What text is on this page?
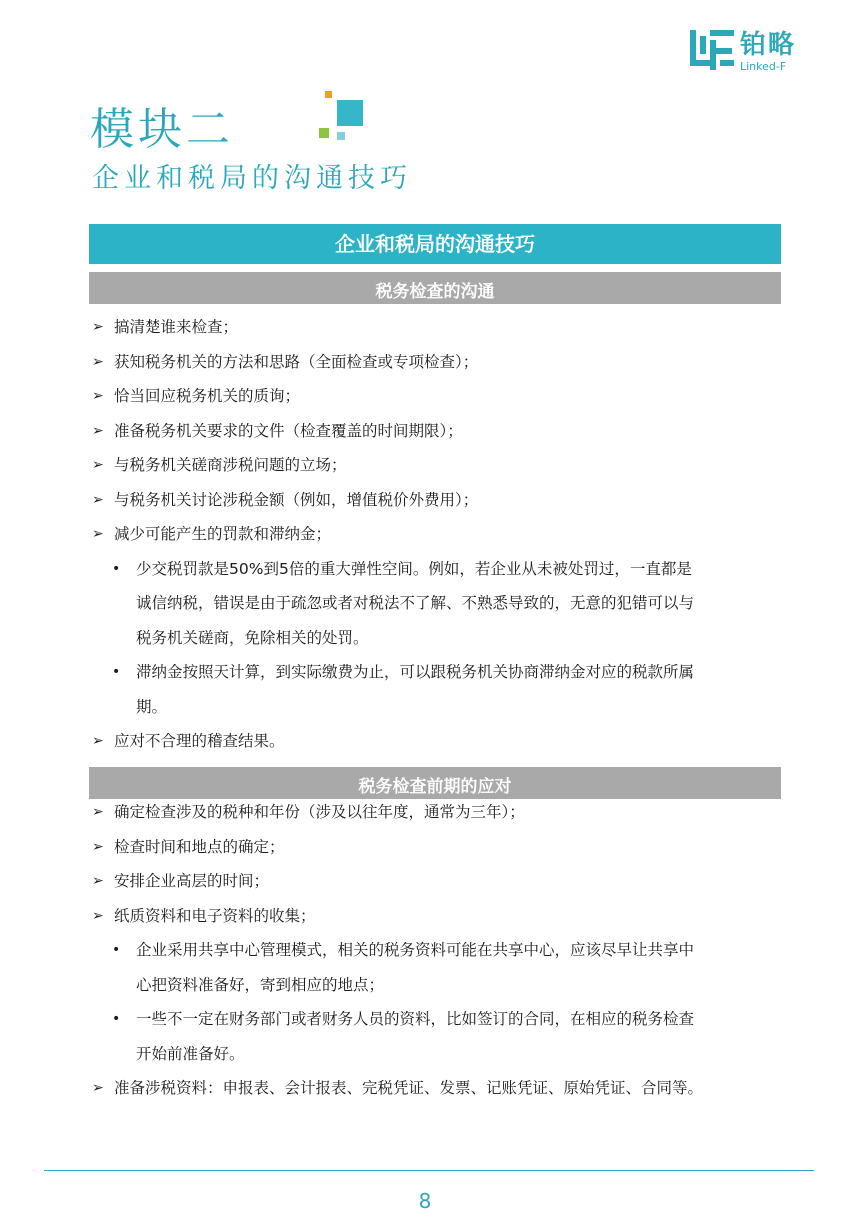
铂略
Linked-F
模块二
企业和税局的沟通技巧
企业和税局的沟通技巧
税务检查的沟通
➢ 搞清楚谁来检查；
➢ 获知税务机关的方法和思路（全面检查或专项检查）；
➢ 恰当回应税务机关的质询；
➢ 准备税务机关要求的文件（检查覆盖的时间期限）；
➢ 与税务机关磋商涉税问题的立场；
➢ 与税务机关讨论涉税金额（例如，增值税价外费用）；
➢ 减少可能产生的罚款和滞纳金；
• 少交税罚款是50%到5倍的重大弹性空间。例如，若企业从未被处罚过，一直都是
诚信纳税，错误是由于疏忽或者对税法不了解、不熟悉导致的，无意的犯错可以与
税务机关磋商，免除相关的处罚。
• 滞纳金按照天计算，到实际缴费为止，可以跟税务机关协商滞纳金对应的税款所属
期。
➢ 应对不合理的稽查结果。
税务检查前期的应对
➢ 确定检查涉及的税种和年份（涉及以往年度，通常为三年）；
➢ 检查时间和地点的确定；
➢ 安排企业高层的时间；
➢ 纸质资料和电子资料的收集；
• 企业采用共享中心管理模式，相关的税务资料可能在共享中心，应该尽早让共享中
心把资料准备好，寄到相应的地点；
• 一些不一定在财务部门或者财务人员的资料，比如签订的合同，在相应的税务检查
开始前准备好。
➢ 准备涉税资料：申报表、会计报表、完税凭证、发票、记账凭证、原始凭证、合同等。
8
